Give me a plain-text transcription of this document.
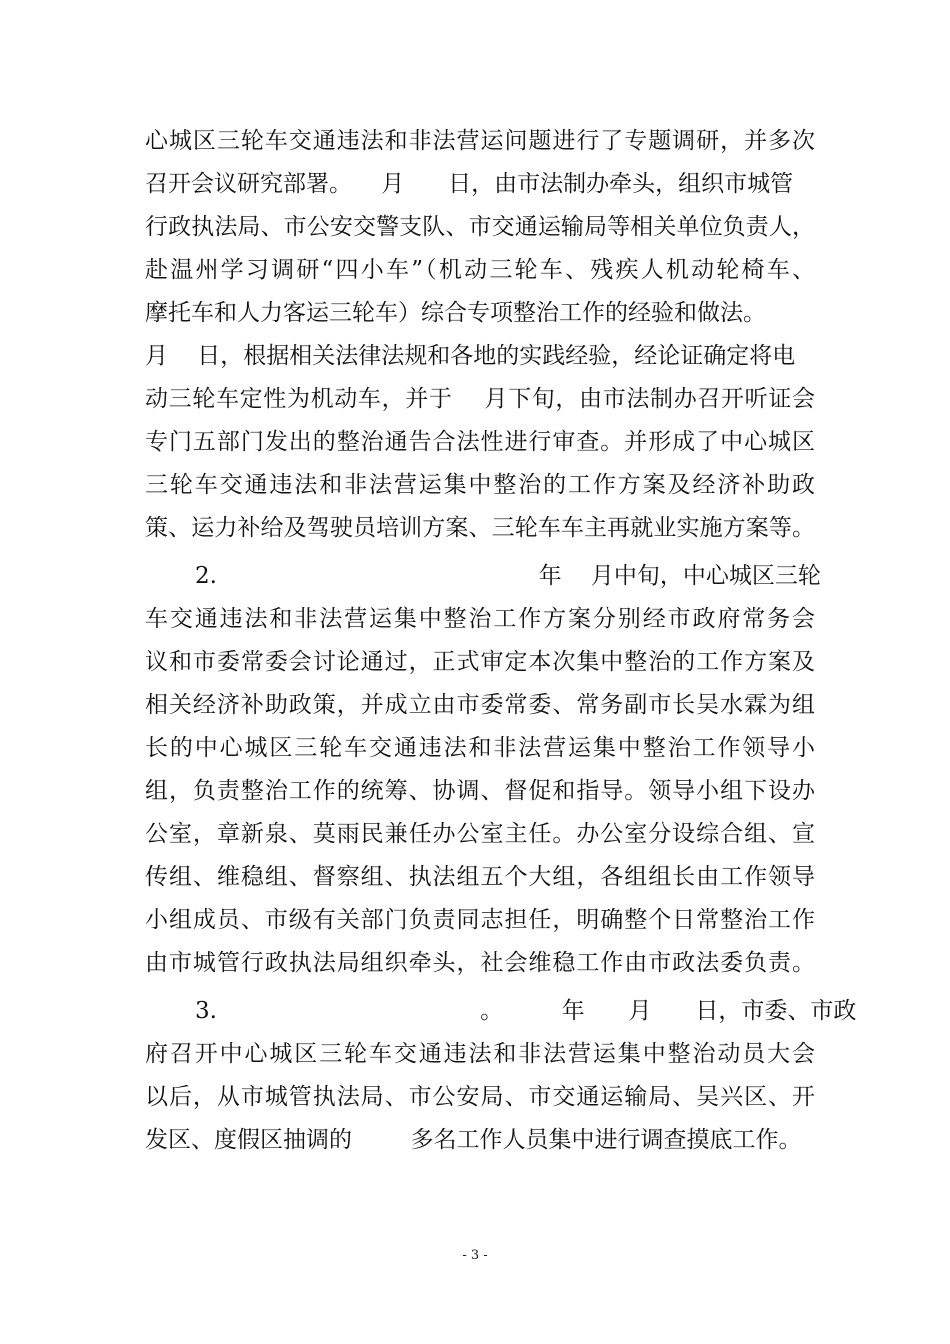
心城区三轮车交通违法和非法营运问题进行了专题调研，并多次
召开会议研究部署。    月      日，由市法制办牵头，组织市城管
行政执法局、市公安交警支队、市交通运输局等相关单位负责人，
赴温州学习调研“四小车”（机动三轮车、残疾人机动轮椅车、
摩托车和人力客运三轮车）综合专项整治工作的经验和做法。
月    日，根据相关法律法规和各地的实践经验，经论证确定将电
动三轮车定性为机动车，并于    月下旬，由市法制办召开听证会
专门五部门发出的整治通告合法性进行审查。并形成了中心城区
三轮车交通违法和非法营运集中整治的工作方案及经济补助政
策、运力补给及驾驶员培训方案、三轮车车主再就业实施方案等。
2.                                            年    月中旬，中心城区三轮
车交通违法和非法营运集中整治工作方案分别经市政府常务会
议和市委常委会讨论通过，正式审定本次集中整治的工作方案及
相关经济补助政策，并成立由市委常委、常务副市长吴水霖为组
长的中心城区三轮车交通违法和非法营运集中整治工作领导小
组，负责整治工作的统筹、协调、督促和指导。领导小组下设办
公室，章新泉、莫雨民兼任办公室主任。办公室分设综合组、宣
传组、维稳组、督察组、执法组五个大组，各组组长由工作领导
小组成员、市级有关部门负责同志担任，明确整个日常整治工作
由市城管行政执法局组织牵头，社会维稳工作由市政法委负责。
3.                                    。        年      月      日，市委、市政
府召开中心城区三轮车交通违法和非法营运集中整治动员大会
以后，从市城管执法局、市公安局、市交通运输局、吴兴区、开
发区、度假区抽调的        多名工作人员集中进行调查摸底工作。
- 3 -
